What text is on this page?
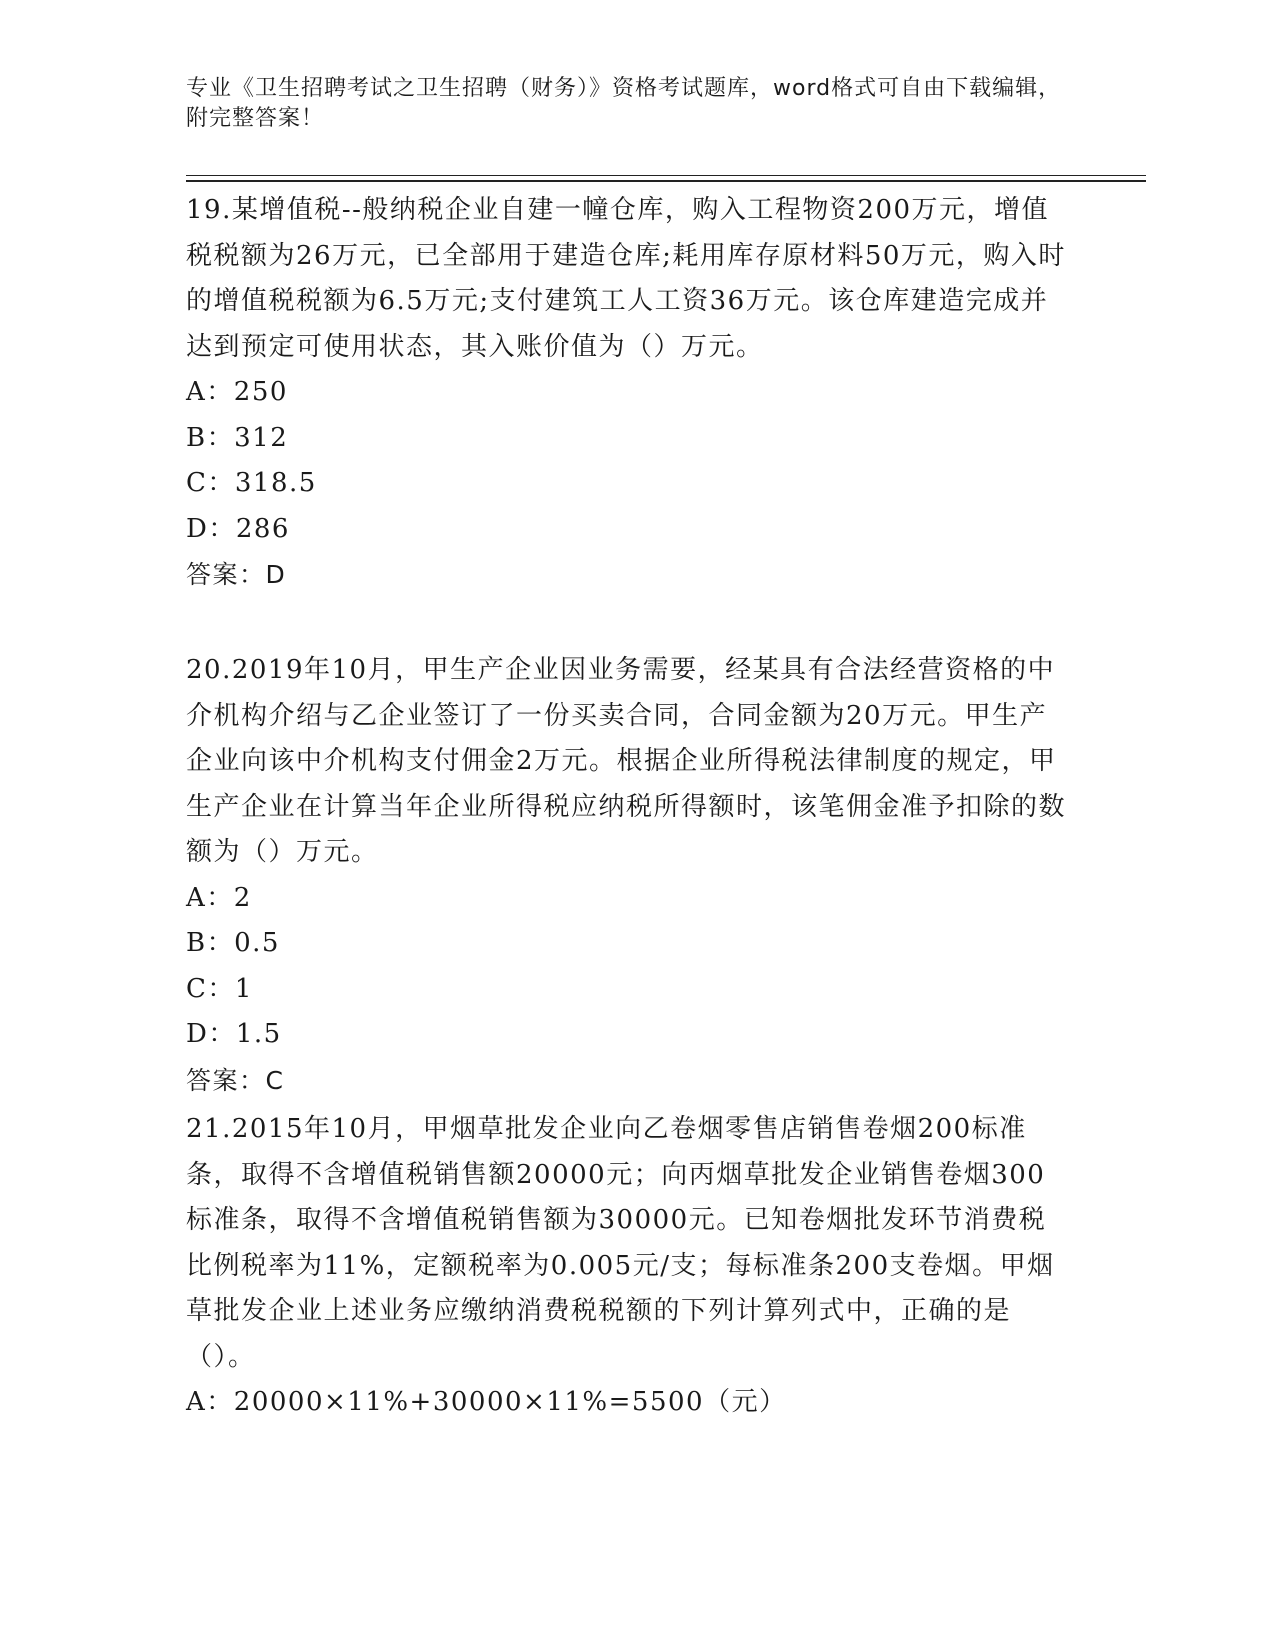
专业《卫生招聘考试之卫生招聘（财务）》资格考试题库，word格式可自由下载编辑，附完整答案！
19.某增值税--般纳税企业自建一幢仓库，购入工程物资200万元，增值税税额为26万元，已全部用于建造仓库;耗用库存原材料50万元，购入时的增值税税额为6.5万元;支付建筑工人工资36万元。该仓库建造完成并达到预定可使用状态，其入账价值为（）万元。
A：250
B：312
C：318.5
D：286
答案：D
20.2019年10月，甲生产企业因业务需要，经某具有合法经营资格的中介机构介绍与乙企业签订了一份买卖合同，合同金额为20万元。甲生产企业向该中介机构支付佣金2万元。根据企业所得税法律制度的规定，甲生产企业在计算当年企业所得税应纳税所得额时，该笔佣金准予扣除的数额为（）万元。
A：2
B：0.5
C：1
D：1.5
答案：C
21.2015年10月，甲烟草批发企业向乙卷烟零售店销售卷烟200标准条，取得不含增值税销售额20000元；向丙烟草批发企业销售卷烟300标准条，取得不含增值税销售额为30000元。已知卷烟批发环节消费税比例税率为11%，定额税率为0.005元/支；每标准条200支卷烟。甲烟草批发企业上述业务应缴纳消费税税额的下列计算列式中，正确的是（）。
A：20000×11%+30000×11%=5500（元）
